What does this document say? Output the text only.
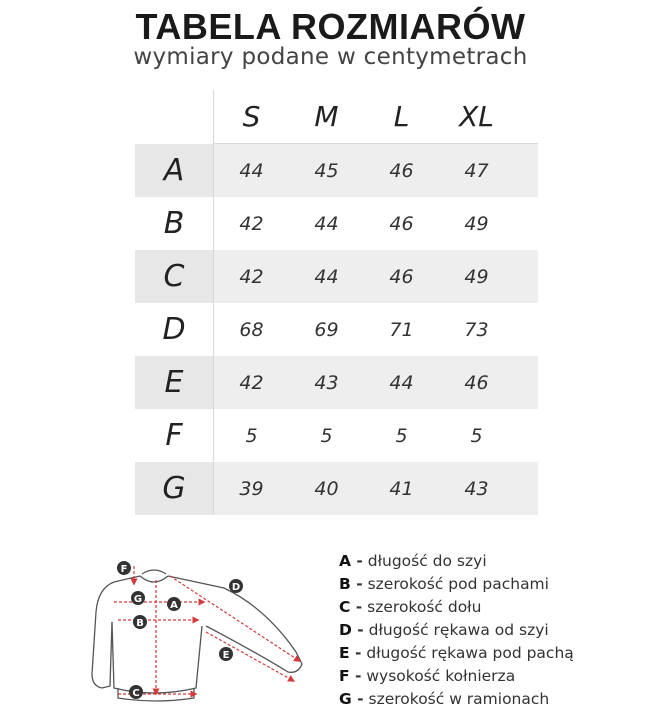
TABELA ROZMIARÓW
wymiary podane w centymetrach
	S	M	L	XL	
A	44	45	46	47	
B	42	44	46	49	
C	42	44	46	49	
D	68	69	71	73	
E	42	43	44	46	
F	5	5	5	5	
G	39	40	41	43	
A
B
C
D
E
F
G
A - długość do szyi
B - szerokość pod pachami
C - szerokość dołu
D - długość rękawa od szyi
E - długość rękawa pod pachą
F - wysokość kołnierza
G - szerokość w ramionach
